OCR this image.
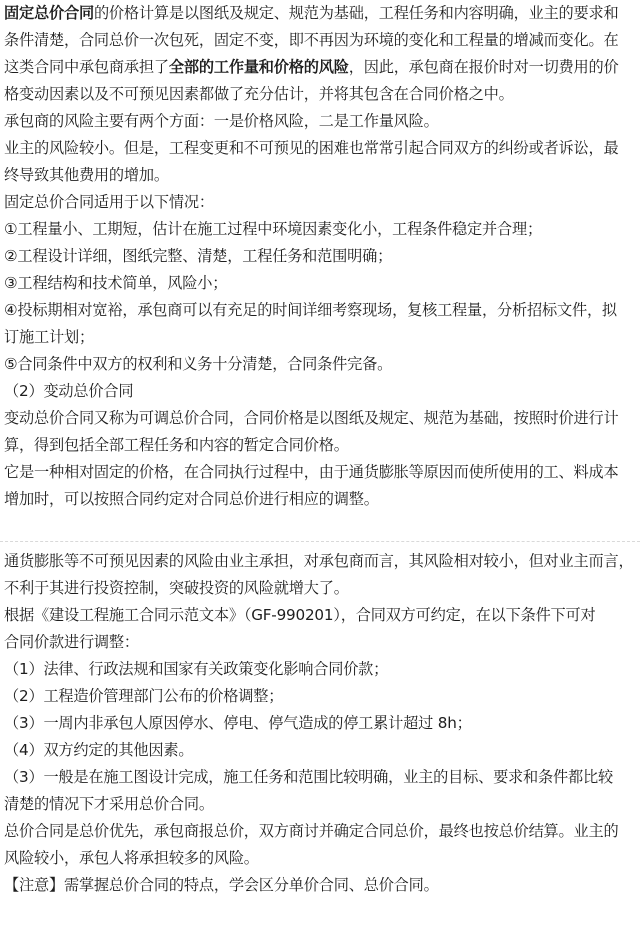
固定总价合同的价格计算是以图纸及规定、规范为基础，工程任务和内容明确，业主的要求和

条件清楚，合同总价一次包死，固定不变，即不再因为环境的变化和工程量的增减而变化。在

这类合同中承包商承担了全部的工作量和价格的风险，因此，承包商在报价时对一切费用的价

格变动因素以及不可预见因素都做了充分估计，并将其包含在合同价格之中。

承包商的风险主要有两个方面：一是价格风险，二是工作量风险。

业主的风险较小。但是，工程变更和不可预见的困难也常常引起合同双方的纠纷或者诉讼，最

终导致其他费用的增加。

固定总价合同适用于以下情况：

①工程量小、工期短，估计在施工过程中环境因素变化小，工程条件稳定并合理；

②工程设计详细，图纸完整、清楚，工程任务和范围明确；

③工程结构和技术简单，风险小；

④投标期相对宽裕，承包商可以有充足的时间详细考察现场，复核工程量，分析招标文件，拟

订施工计划；

⑤合同条件中双方的权利和义务十分清楚，合同条件完备。

（2）变动总价合同

变动总价合同又称为可调总价合同，合同价格是以图纸及规定、规范为基础，按照时价进行计

算，得到包括全部工程任务和内容的暂定合同价格。

它是一种相对固定的价格，在合同执行过程中，由于通货膨胀等原因而使所使用的工、料成本

增加时，可以按照合同约定对合同总价进行相应的调整。

通货膨胀等不可预见因素的风险由业主承担，对承包商而言，其风险相对较小，但对业主而言，

不利于其进行投资控制，突破投资的风险就增大了。

根据《建设工程施工合同示范文本》（GF-990201），合同双方可约定，在以下条件下可对

合同价款进行调整：

（1）法律、行政法规和国家有关政策变化影响合同价款；

（2）工程造价管理部门公布的价格调整；

（3）一周内非承包人原因停水、停电、停气造成的停工累计超过 8h；

（4）双方约定的其他因素。

（3）一般是在施工图设计完成，施工任务和范围比较明确，业主的目标、要求和条件都比较

清楚的情况下才采用总价合同。

总价合同是总价优先，承包商报总价，双方商讨并确定合同总价，最终也按总价结算。业主的

风险较小，承包人将承担较多的风险。

【注意】需掌握总价合同的特点，学会区分单价合同、总价合同。
